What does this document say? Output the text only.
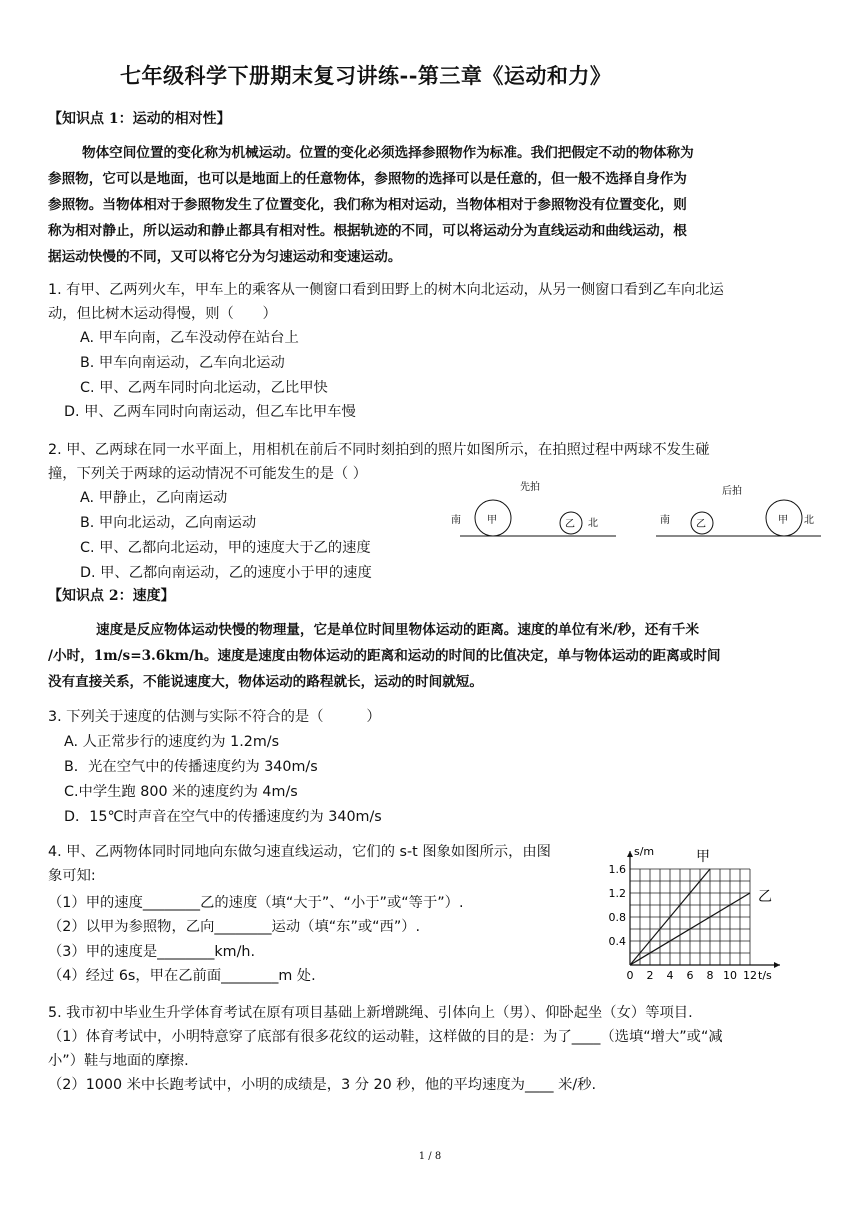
七年级科学下册期末复习讲练--第三章《运动和力》
【知识点 1：运动的相对性】
物体空间位置的变化称为机械运动。位置的变化必须选择参照物作为标准。我们把假定不动的物体称为
参照物，它可以是地面，也可以是地面上的任意物体，参照物的选择可以是任意的，但一般不选择自身作为
参照物。当物体相对于参照物发生了位置变化，我们称为相对运动，当物体相对于参照物没有位置变化，则
称为相对静止，所以运动和静止都具有相对性。根据轨迹的不同，可以将运动分为直线运动和曲线运动，根
据运动快慢的不同，又可以将它分为匀速运动和变速运动。
1. 有甲、乙两列火车，甲车上的乘客从一侧窗口看到田野上的树木向北运动，从另一侧窗口看到乙车向北运
动，但比树木运动得慢，则（　　）
A. 甲车向南，乙车没动停在站台上
B. 甲车向南运动，乙车向北运动
C. 甲、乙两车同时向北运动，乙比甲快
D. 甲、乙两车同时向南运动，但乙车比甲车慢
2. 甲、乙两球在同一水平面上，用相机在前后不同时刻拍到的照片如图所示，在拍照过程中两球不发生碰
撞，下列关于两球的运动情况不可能发生的是（ ）
A. 甲静止，乙向南运动
B. 甲向北运动，乙向南运动
C. 甲、乙都向北运动，甲的速度大于乙的速度
D. 甲、乙都向南运动，乙的速度小于甲的速度
先拍
南	甲	乙 北
后拍
南	乙	甲 北
【知识点 2：速度】
速度是反应物体运动快慢的物理量，它是单位时间里物体运动的距离。速度的单位有米/秒，还有千米
/小时，1m/s=3.6km/h。速度是速度由物体运动的距离和运动的时间的比值决定，单与物体运动的距离或时间
没有直接关系，不能说速度大，物体运动的路程就长，运动的时间就短。
3. 下列关于速度的估测与实际不符合的是（　　　）
A. 人正常步行的速度约为 1.2m/s
B．光在空气中的传播速度约为 340m/s
C.中学生跑 800 米的速度约为 4m/s
D．15℃时声音在空气中的传播速度约为 340m/s
4. 甲、乙两物体同时同地向东做匀速直线运动，它们的 s-t 图象如图所示，由图
象可知:
（1）甲的速度________乙的速度（填“大于”、“小于”或“等于”）.
（2）以甲为参照物，乙向________运动（填“东”或“西”）.
（3）甲的速度是________km/h.
（4）经过 6s，甲在乙前面________m 处.	0 2 4 6 8 10 12
0.4
0.8
1.2
1.6
t/s
s/m	甲
乙
5. 我市初中毕业生升学体育考试在原有项目基础上新增跳绳、引体向上（男）、仰卧起坐（女）等项目.
（1）体育考试中，小明特意穿了底部有很多花纹的运动鞋，这样做的目的是：为了____（选填“增大”或“减
小”）鞋与地面的摩擦.
（2）1000 米中长跑考试中，小明的成绩是，3 分 20 秒，他的平均速度为____ 米/秒.
1 / 8
